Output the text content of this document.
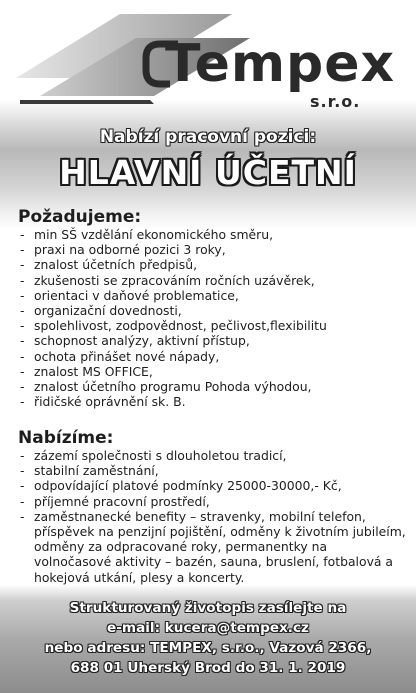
Tempex
s.r.o.
Nabízí pracovní pozici:
HLAVNÍ ÚČETNÍ
Požadujeme:
- min SŠ vzdělání ekonomického směru,
- praxi na odborné pozici 3 roky,
- znalost účetních předpisů,
- zkušenosti se zpracováním ročních uzávěrek,
- orientaci v daňové problematice,
- organizační dovednosti,
- spolehlivost, zodpovědnost, pečlivost,flexibilitu
- schopnost analýzy, aktivní přístup,
- ochota přinášet nové nápady,
- znalost MS OFFICE,
- znalost účetního programu Pohoda výhodou,
- řidičské oprávnění sk. B.
Nabízíme:
- zázemí společnosti s dlouholetou tradicí,
- stabilní zaměstnání,
- odpovídající platové podmínky 25000-30000,- Kč,
- příjemné pracovní prostředí,
- zaměstnanecké benefity – stravenky, mobilní telefon, příspěvek na penzijní pojištění, odměny k životním jubileím, odměny za odpracované roky, permanentky na volnočasové aktivity – bazén, sauna, bruslení, fotbalová a hokejová utkání, plesy a koncerty.
Strukturovaný životopis zasílejte na
e-mail: kucera@tempex.cz
nebo adresu: TEMPEX, s.r.o., Vazová 2366,
688 01 Uherský Brod do 31. 1. 2019
